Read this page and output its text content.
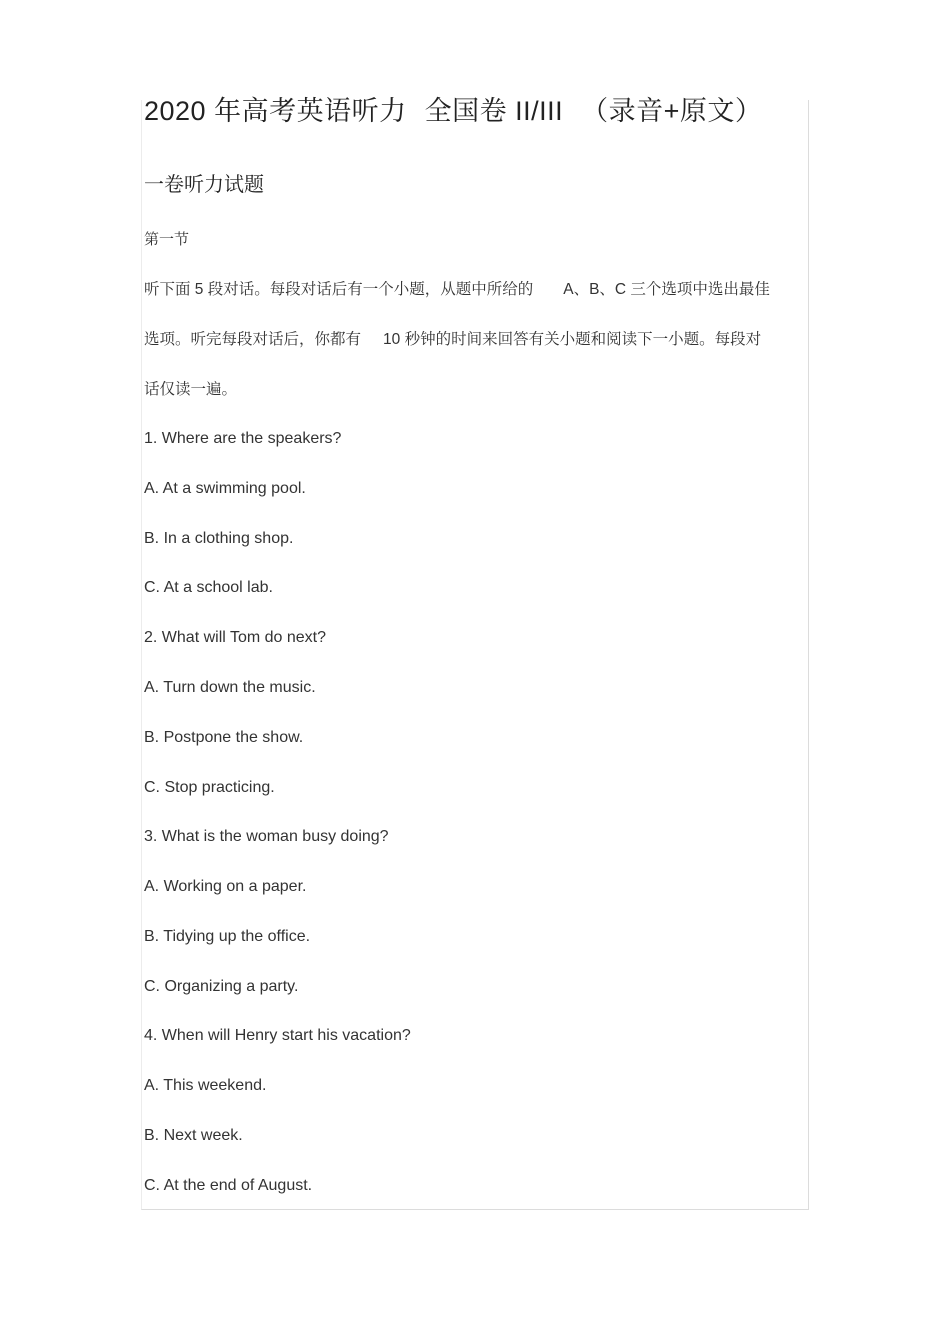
2020 年高考英语听力 全国卷 II/III （录音+原文）
一卷听力试题
第一节
听下面 5 段对话。每段对话后有一个小题，从题中所给的 A、B、C 三个选项中选出最佳
选项。听完每段对话后，你都有 10 秒钟的时间来回答有关小题和阅读下一小题。每段对
话仅读一遍。
1. Where are the speakers?
A. At a swimming pool.
B. In a clothing shop.
C. At a school lab.
2. What will Tom do next?
A. Turn down the music.
B. Postpone the show.
C. Stop practicing.
3. What is the woman busy doing?
A. Working on a paper.
B. Tidying up the office.
C. Organizing a party.
4. When will Henry start his vacation?
A. This weekend.
B. Next week.
C. At the end of August.
